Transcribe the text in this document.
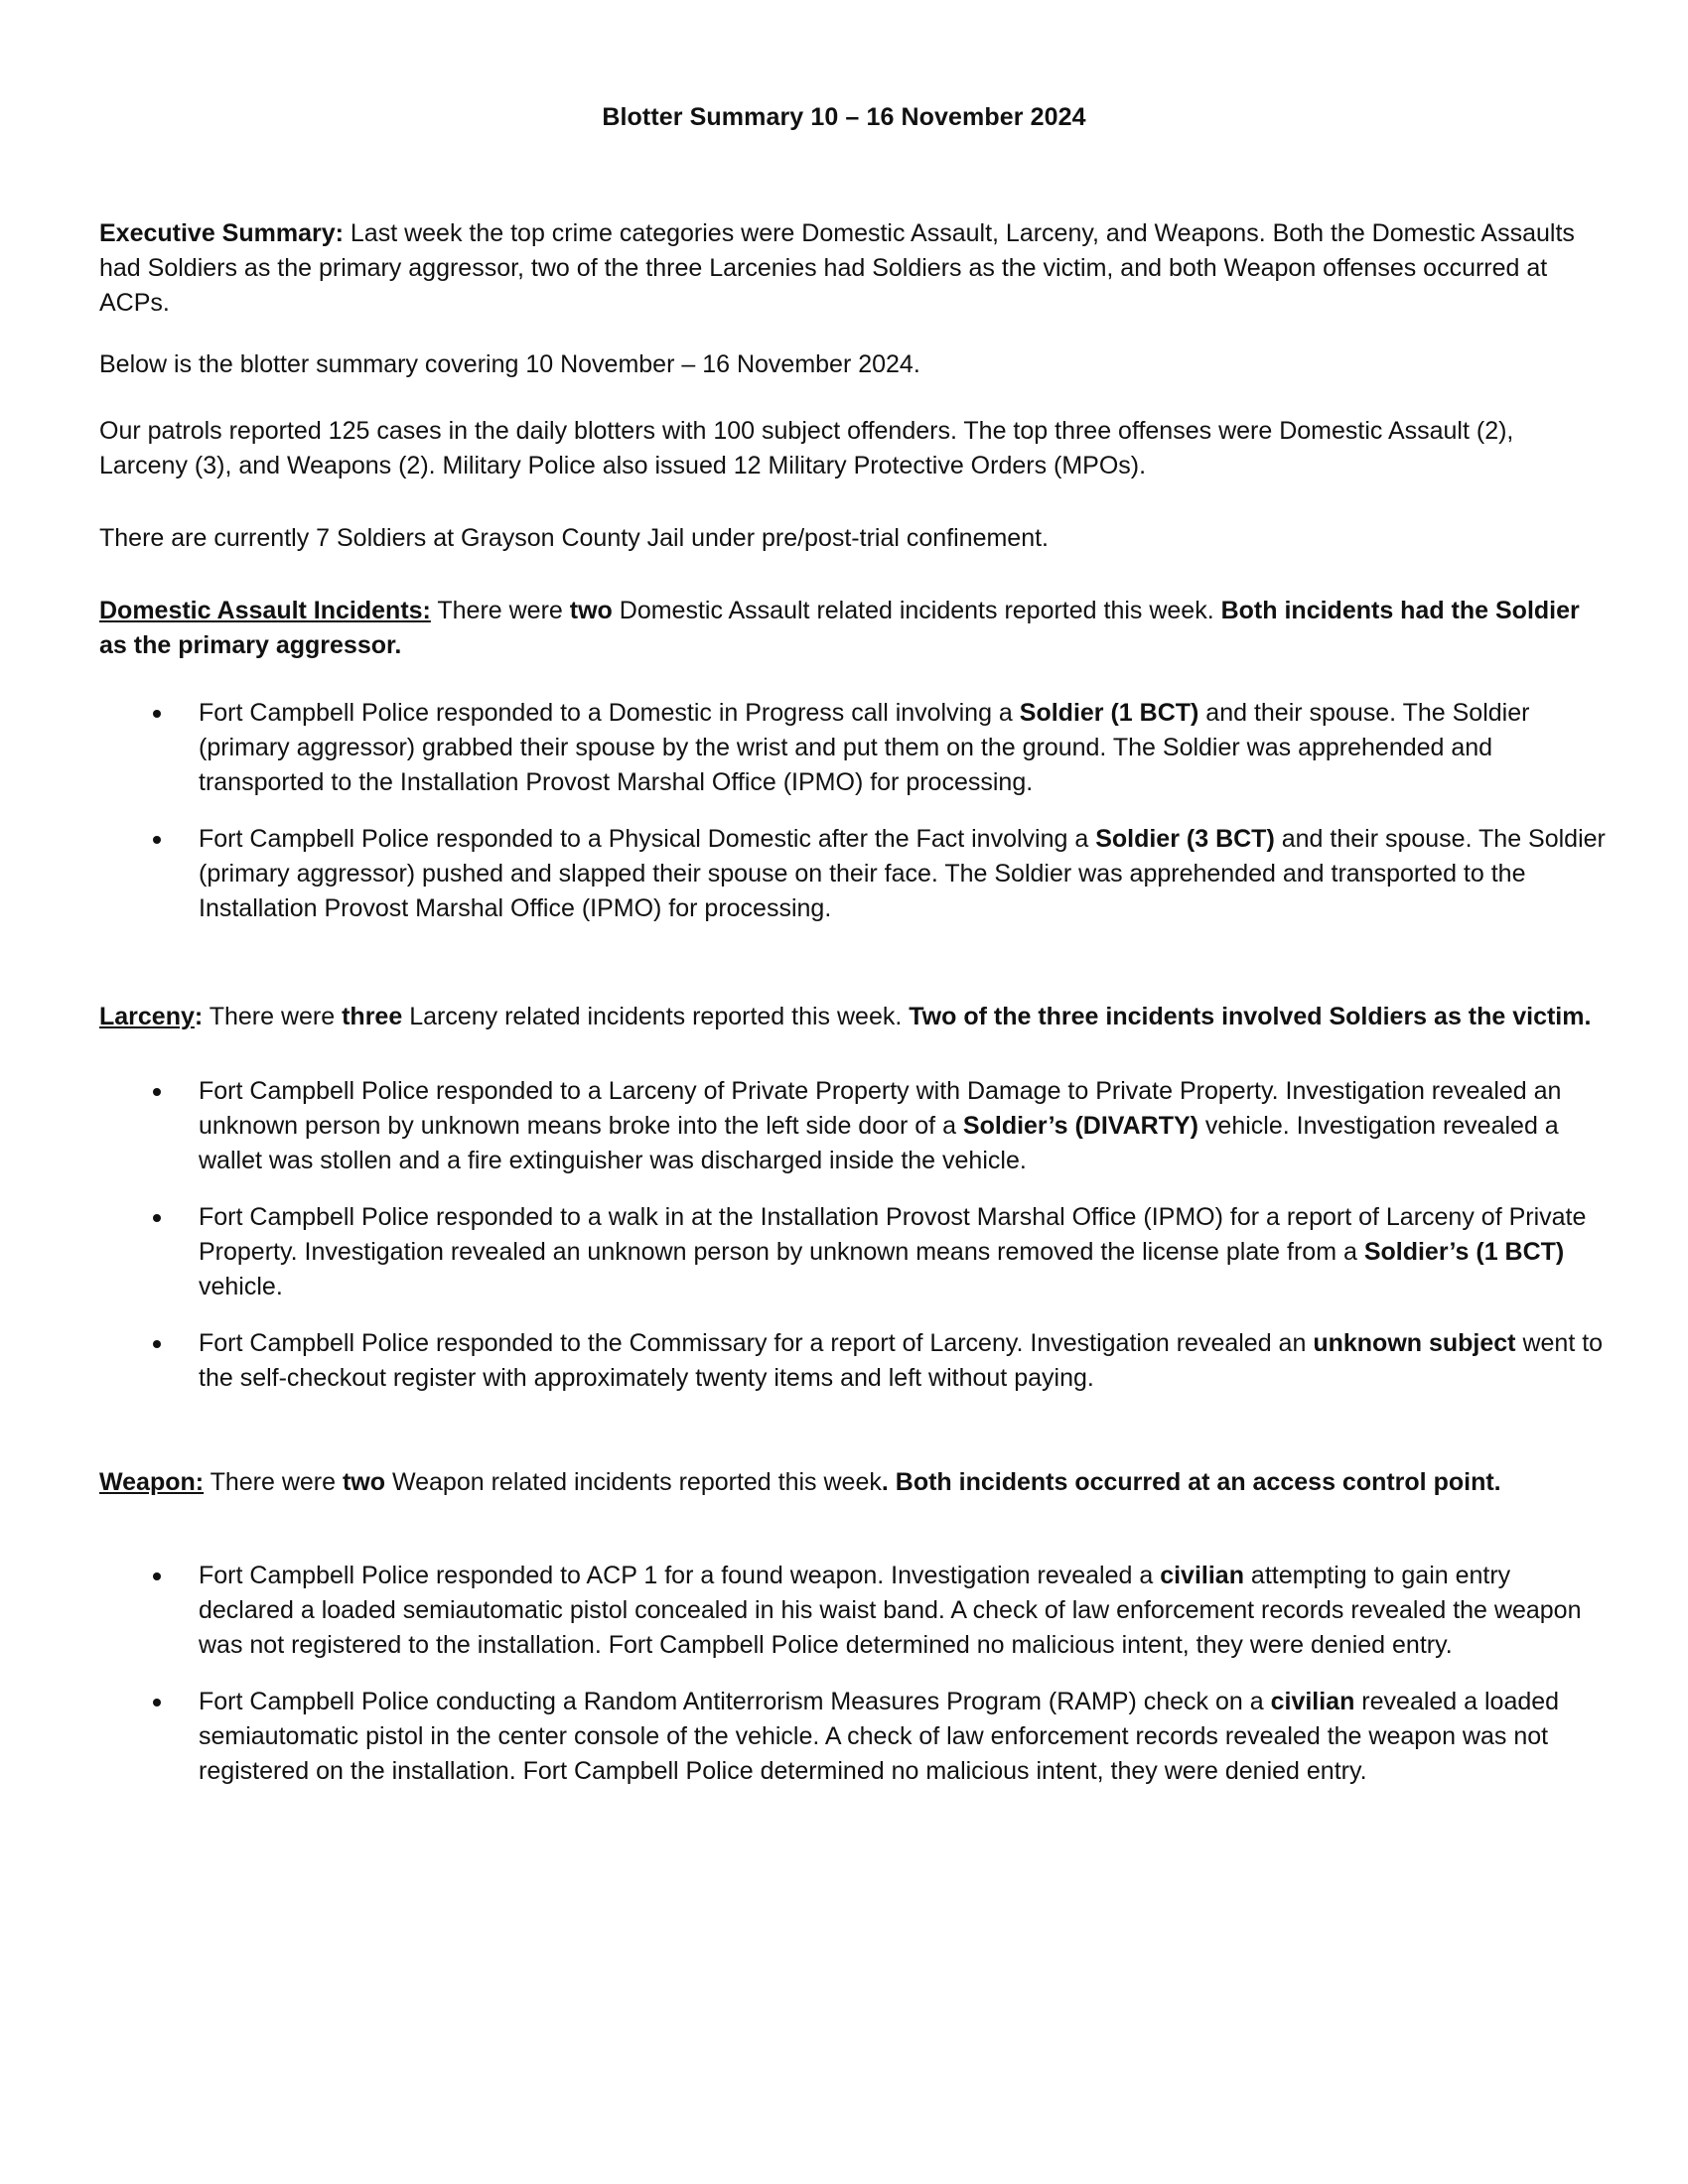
Blotter Summary 10 – 16 November 2024

Executive Summary: Last week the top crime categories were Domestic Assault, Larceny, and Weapons. Both the Domestic Assaults had Soldiers as the primary aggressor, two of the three Larcenies had Soldiers as the victim, and both Weapon offenses occurred at ACPs.

Below is the blotter summary covering 10 November – 16 November 2024.

Our patrols reported 125 cases in the daily blotters with 100 subject offenders. The top three offenses were Domestic Assault (2), Larceny (3), and Weapons (2). Military Police also issued 12 Military Protective Orders (MPOs).

There are currently 7 Soldiers at Grayson County Jail under pre/post-trial confinement.

Domestic Assault Incidents: There were two Domestic Assault related incidents reported this week. Both incidents had the Soldier as the primary aggressor.

Fort Campbell Police responded to a Domestic in Progress call involving a Soldier (1 BCT) and their spouse. The Soldier (primary aggressor) grabbed their spouse by the wrist and put them on the ground. The Soldier was apprehended and transported to the Installation Provost Marshal Office (IPMO) for processing.
Fort Campbell Police responded to a Physical Domestic after the Fact involving a Soldier (3 BCT) and their spouse. The Soldier (primary aggressor) pushed and slapped their spouse on their face. The Soldier was apprehended and transported to the Installation Provost Marshal Office (IPMO) for processing.

Larceny: There were three Larceny related incidents reported this week. Two of the three incidents involved Soldiers as the victim.

Fort Campbell Police responded to a Larceny of Private Property with Damage to Private Property. Investigation revealed an unknown person by unknown means broke into the left side door of a Soldier’s (DIVARTY) vehicle. Investigation revealed a wallet was stollen and a fire extinguisher was discharged inside the vehicle.
Fort Campbell Police responded to a walk in at the Installation Provost Marshal Office (IPMO) for a report of Larceny of Private Property. Investigation revealed an unknown person by unknown means removed the license plate from a Soldier’s (1 BCT) vehicle.
Fort Campbell Police responded to the Commissary for a report of Larceny. Investigation revealed an unknown subject went to the self-checkout register with approximately twenty items and left without paying.

Weapon: There were two Weapon related incidents reported this week. Both incidents occurred at an access control point.

Fort Campbell Police responded to ACP 1 for a found weapon. Investigation revealed a civilian attempting to gain entry declared a loaded semiautomatic pistol concealed in his waist band. A check of law enforcement records revealed the weapon was not registered to the installation. Fort Campbell Police determined no malicious intent, they were denied entry.
Fort Campbell Police conducting a Random Antiterrorism Measures Program (RAMP) check on a civilian revealed a loaded semiautomatic pistol in the center console of the vehicle. A check of law enforcement records revealed the weapon was not registered on the installation. Fort Campbell Police determined no malicious intent, they were denied entry.
